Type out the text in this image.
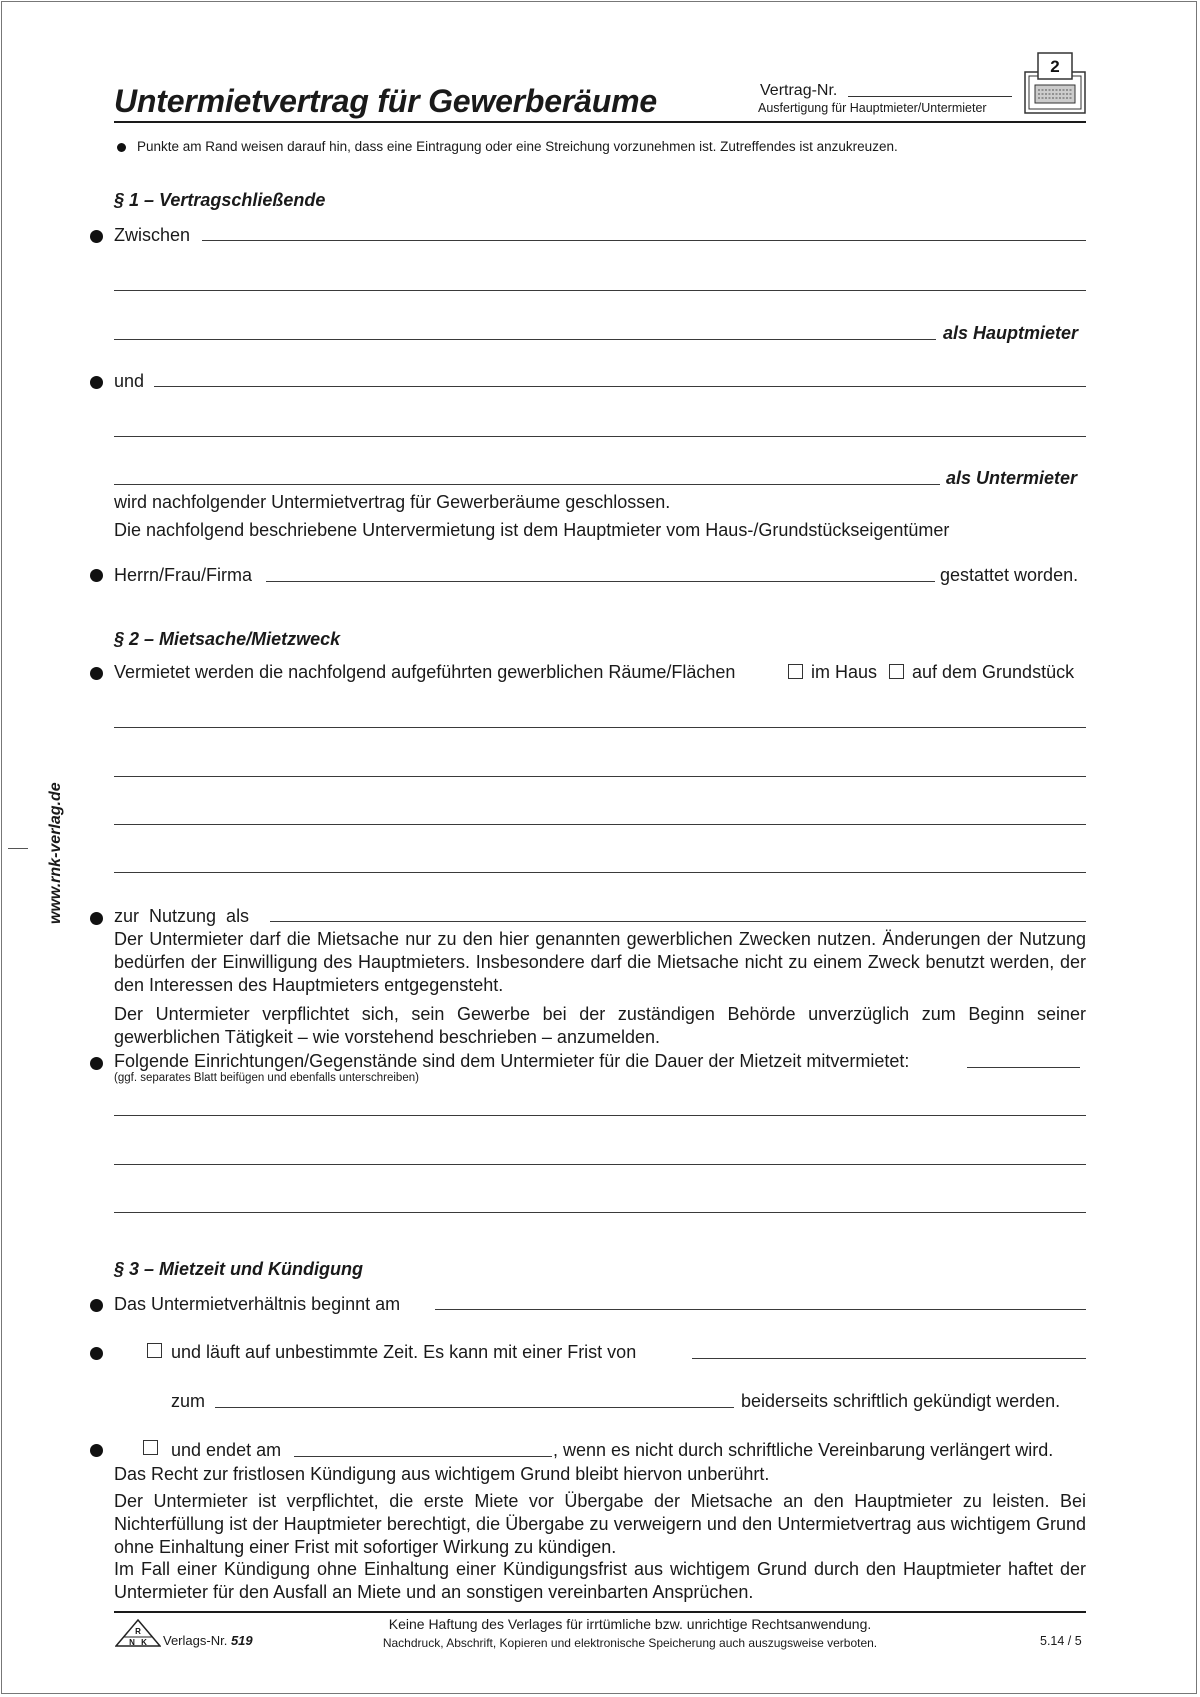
Untermietvertrag für Gewerberäume	Vertrag-Nr.
Ausfertigung für Hauptmieter/Untermieter
2
Punkte am Rand weisen darauf hin, dass eine Eintragung oder eine Streichung vorzunehmen ist. Zutreffendes ist anzukreuzen.
www.rnk-verlag.de
§ 1 – Vertragschließende
Zwischen
als Hauptmieter
und
als Untermieter
wird nachfolgender Untermietvertrag für Gewerberäume geschlossen.
Die nachfolgend beschriebene Untervermietung ist dem Hauptmieter vom Haus-/Grundstückseigentümer
Herrn/Frau/Firma	gestattet worden.
§ 2 – Mietsache/Mietzweck
Vermietet werden die nachfolgend aufgeführten gewerblichen Räume/Flächen	im Haus auf dem Grundstück
zur  Nutzung  als
Der Untermieter darf die Mietsache nur zu den hier genannten gewerblichen Zwecken nutzen. Änderungen der Nutzung bedürfen der Einwilligung des Hauptmieters. Insbesondere darf die Mietsache nicht zu einem Zweck benutzt werden, der den Interessen des Hauptmieters entgegensteht.
Der Untermieter verpflichtet sich, sein Gewerbe bei der zuständigen Behörde unverzüglich zum Beginn seiner gewerblichen Tätigkeit – wie vorstehend beschrieben – anzumelden.
Folgende Einrichtungen/Gegenstände sind dem Untermieter für die Dauer der Mietzeit mitvermietet:
(ggf. separates Blatt beifügen und ebenfalls unterschreiben)
§ 3 – Mietzeit und Kündigung
Das Untermietverhältnis beginnt am
und läuft auf unbestimmte Zeit. Es kann mit einer Frist von
zum	beiderseits schriftlich gekündigt werden.
und endet am	, wenn es nicht durch schriftliche Vereinbarung verlängert wird.
Das Recht zur fristlosen Kündigung aus wichtigem Grund bleibt hiervon unberührt.
Der Untermieter ist verpflichtet, die erste Miete vor Übergabe der Mietsache an den Hauptmieter zu leisten. Bei Nichterfüllung ist der Hauptmieter berechtigt, die Übergabe zu verweigern und den Untermietvertrag aus wichtigem Grund ohne Einhaltung einer Frist mit sofortiger Wirkung zu kündigen.
Im Fall einer Kündigung ohne Einhaltung einer Kündigungsfrist aus wichtigem Grund durch den Hauptmieter haftet der Untermieter für den Ausfall an Miete und an sonstigen vereinbarten Ansprüchen.
R
N K Verlags-Nr. 519
Keine Haftung des Verlages für irrtümliche bzw. unrichtige Rechtsanwendung.
Nachdruck, Abschrift, Kopieren und elektronische Speicherung auch auszugsweise verboten.	5.14 / 5
